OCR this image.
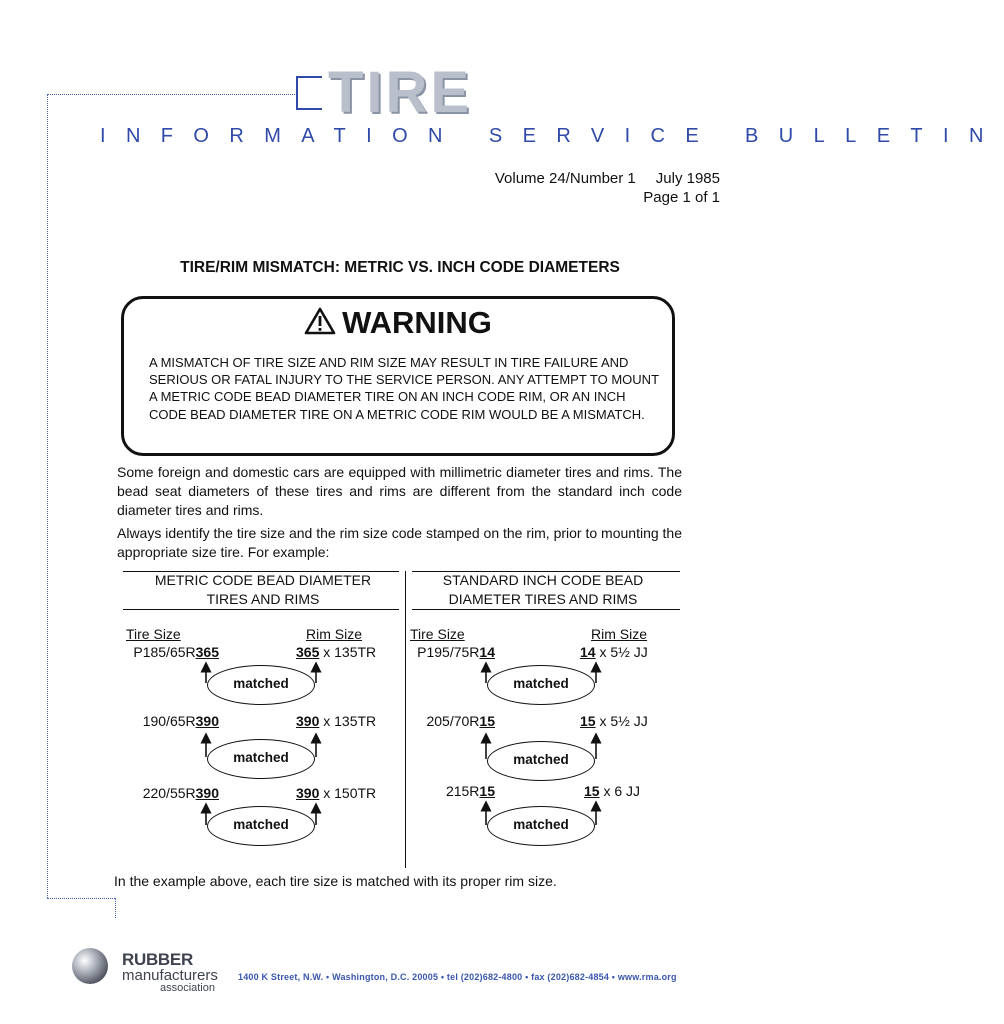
TIRE
INFORMATION SERVICE BULLETIN
Volume 24/Number 1 July 1985
Page 1 of 1
TIRE/RIM MISMATCH: METRIC VS. INCH CODE DIAMETERS
WARNING
A MISMATCH OF TIRE SIZE AND RIM SIZE MAY RESULT IN TIRE FAILURE AND SERIOUS OR FATAL INJURY TO THE SERVICE PERSON. ANY ATTEMPT TO MOUNT A METRIC CODE BEAD DIAMETER TIRE ON AN INCH CODE RIM, OR AN INCH CODE BEAD DIAMETER TIRE ON A METRIC CODE RIM WOULD BE A MISMATCH.
Some foreign and domestic cars are equipped with millimetric diameter tires and rims. The bead seat diameters of these tires and rims are different from the standard inch code diameter tires and rims.
Always identify the tire size and the rim size code stamped on the rim, prior to mounting the appropriate size tire. For example:
METRIC CODE BEAD DIAMETER
TIRES AND RIMS
STANDARD INCH CODE BEAD
DIAMETER TIRES AND RIMS
Tire Size	Rim Size	Tire Size	Rim Size
P185/65R365	365 x 135TR
190/65R390	390 x 135TR
220/55R390	390 x 150TR
P195/75R14	14 x 5½ JJ
205/70R15	15 x 5½ JJ
215R15	15 x 6 JJ
matched
matched
matched
matched
matched
matched
In the example above, each tire size is matched with its proper rim size.
RUBBER
manufacturers
association
1400 K Street, N.W. • Washington, D.C. 20005 • tel (202)682-4800 • fax (202)682-4854 • www.rma.org
